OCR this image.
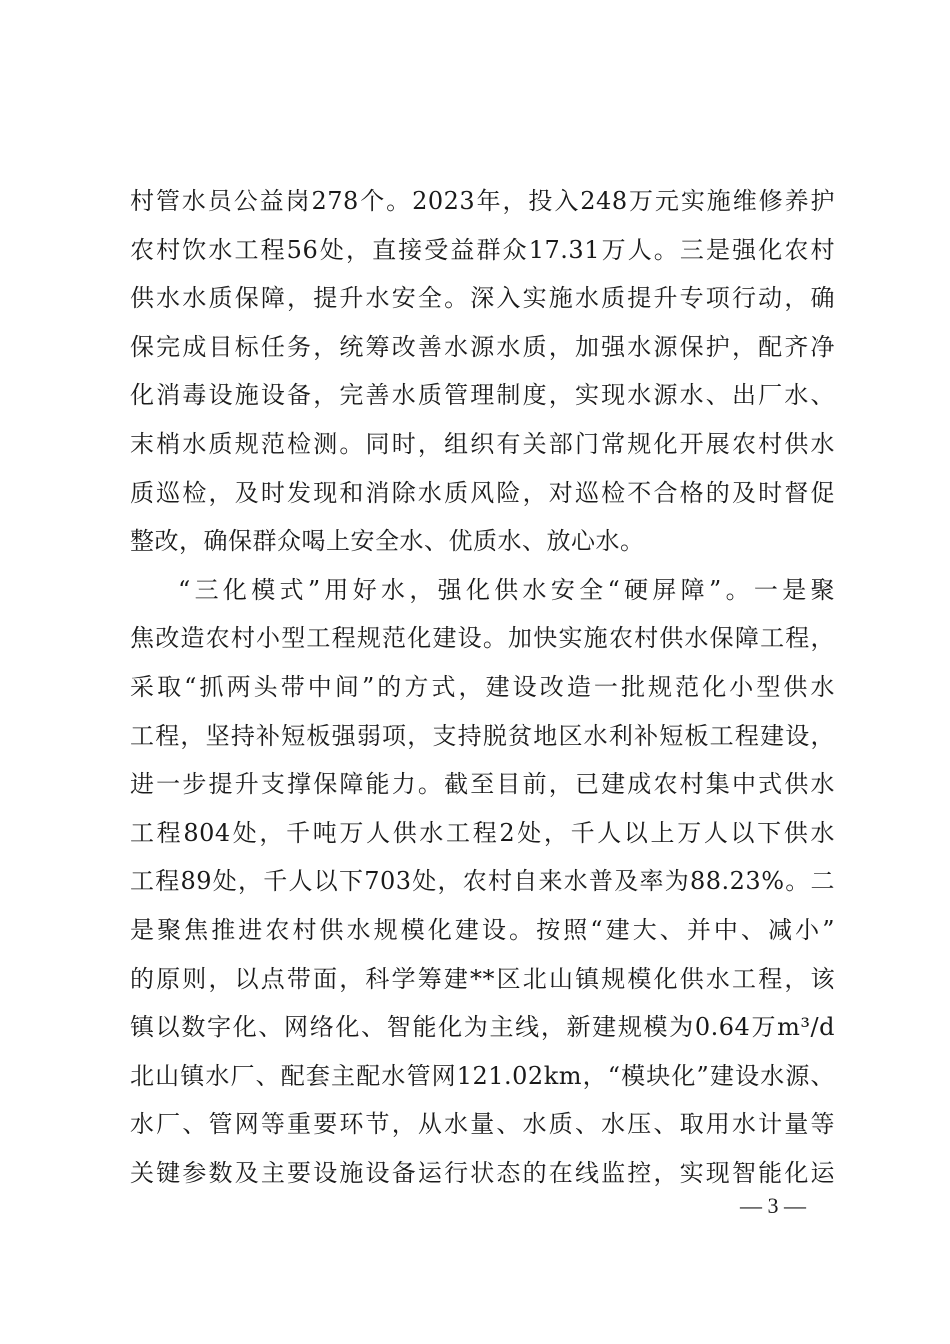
村管水员公益岗278个。2023年，投入248万元实施维修养护
农村饮水工程56处，直接受益群众17.31万人。三是强化农村
供水水质保障，提升水安全。深入实施水质提升专项行动，确
保完成目标任务，统筹改善水源水质，加强水源保护，配齐净
化消毒设施设备，完善水质管理制度，实现水源水、出厂水、
末梢水质规范检测。同时，组织有关部门常规化开展农村供水
质巡检，及时发现和消除水质风险，对巡检不合格的及时督促
整改，确保群众喝上安全水、优质水、放心水。
“三化模式”用好水，强化供水安全“硬屏障”。一是聚
焦改造农村小型工程规范化建设。加快实施农村供水保障工程，
采取“抓两头带中间”的方式，建设改造一批规范化小型供水
工程，坚持补短板强弱项，支持脱贫地区水利补短板工程建设，
进一步提升支撑保障能力。截至目前，已建成农村集中式供水
工程804处，千吨万人供水工程2处，千人以上万人以下供水
工程89处，千人以下703处，农村自来水普及率为88.23%。二
是聚焦推进农村供水规模化建设。按照“建大、并中、减小”
的原则，以点带面，科学筹建**区北山镇规模化供水工程，该
镇以数字化、网络化、智能化为主线，新建规模为0.64万m³/d
北山镇水厂、配套主配水管网121.02km，“模块化”建设水源、
水厂、管网等重要环节，从水量、水质、水压、取用水计量等
关键参数及主要设施设备运行状态的在线监控，实现智能化运
— 3 —
